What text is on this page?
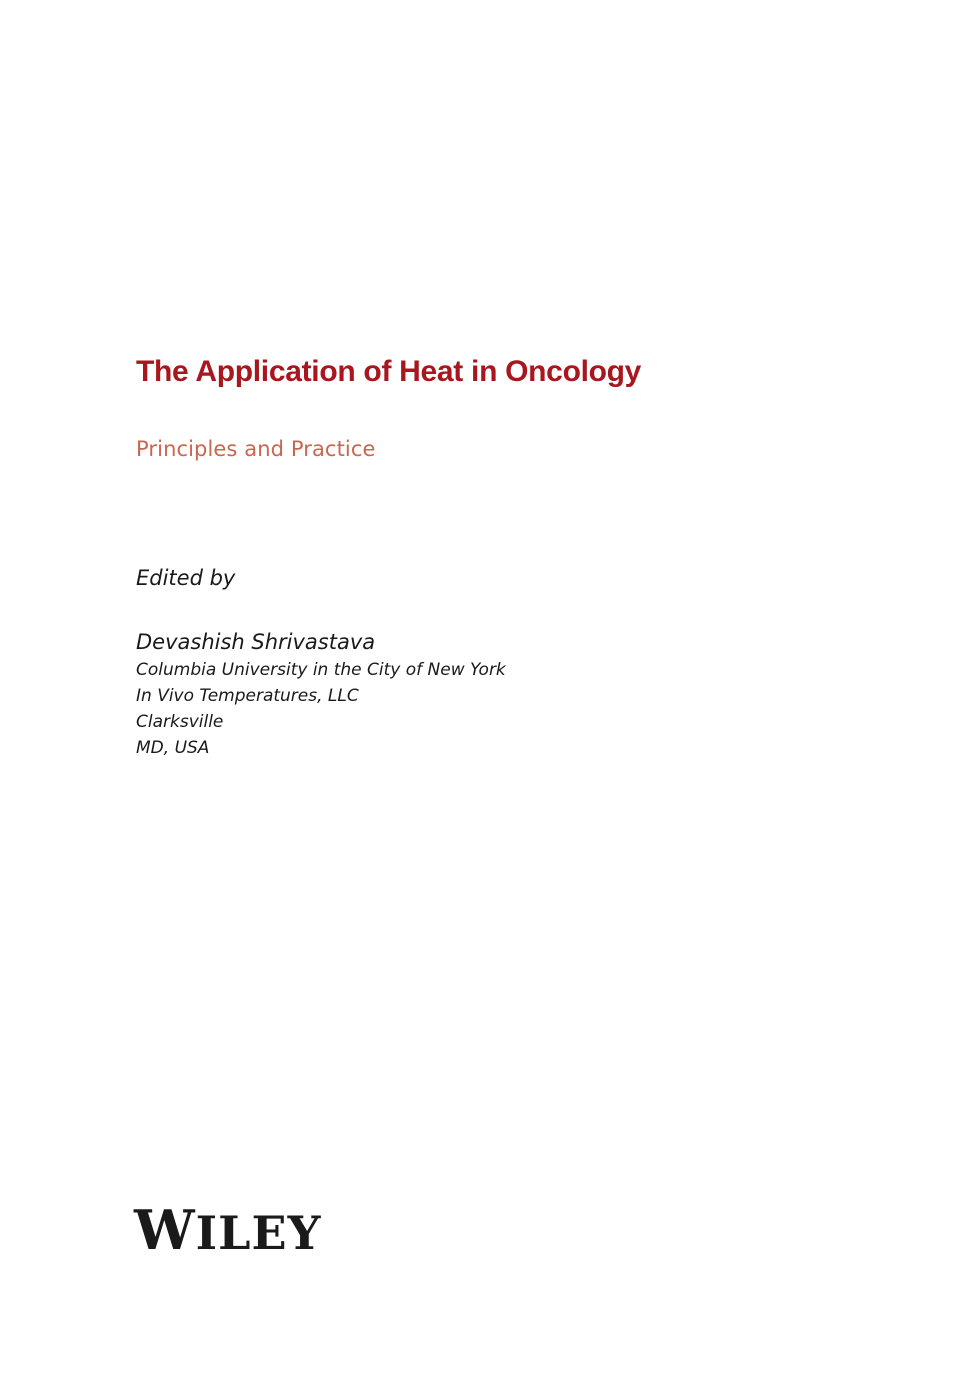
The Application of Heat in Oncology

Principles and Practice

Edited by

Devashish Shrivastava

Columbia University in the City of New York

In Vivo Temperatures, LLC

Clarksville

MD, USA

WILEY
